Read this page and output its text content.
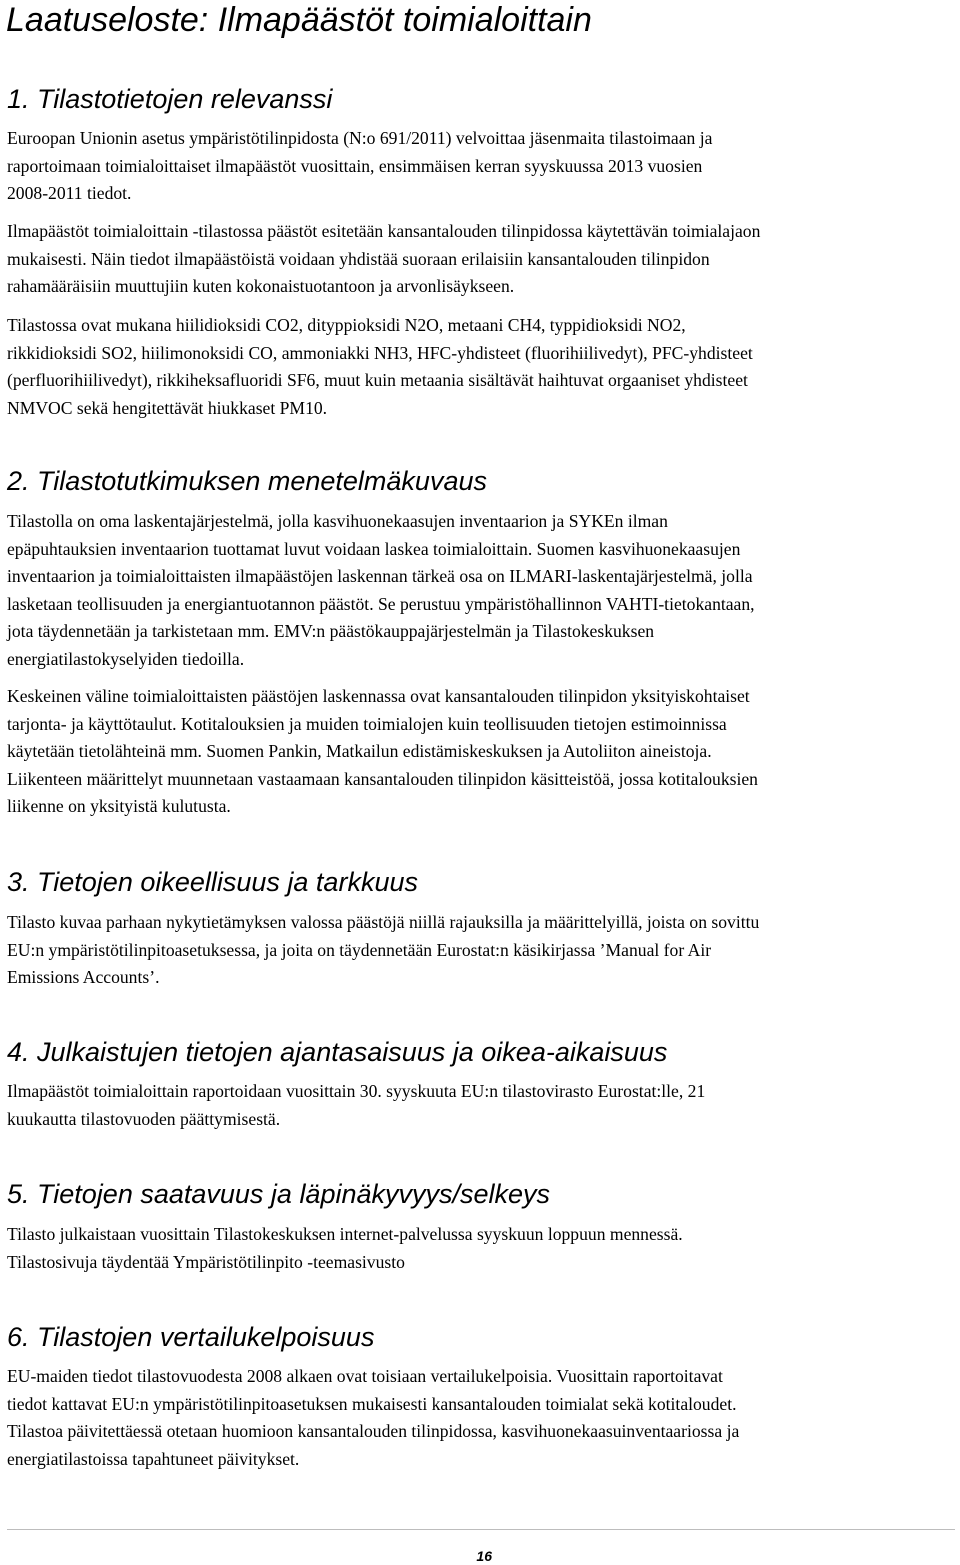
Laatuseloste: Ilmapäästöt toimialoittain
1. Tilastotietojen relevanssi

Euroopan Unionin asetus ympäristötilinpidosta (N:o 691/2011) velvoittaa jäsenmaita tilastoimaan ja
raportoimaan toimialoittaiset ilmapäästöt vuosittain, ensimmäisen kerran syyskuussa 2013 vuosien
2008-2011 tiedot.

Ilmapäästöt toimialoittain -tilastossa päästöt esitetään kansantalouden tilinpidossa käytettävän toimialajaon
mukaisesti. Näin tiedot ilmapäästöistä voidaan yhdistää suoraan erilaisiin kansantalouden tilinpidon
rahamääräisiin muuttujiin kuten kokonaistuotantoon ja arvonlisäykseen.

Tilastossa ovat mukana hiilidioksidi CO2, dityppioksidi N2O, metaani CH4, typpidioksidi NO2,
rikkidioksidi SO2, hiilimonoksidi CO, ammoniakki NH3, HFC-yhdisteet (fluorihiilivedyt), PFC-yhdisteet
(perfluorihiilivedyt), rikkiheksafluoridi SF6, muut kuin metaania sisältävät haihtuvat orgaaniset yhdisteet
NMVOC sekä hengitettävät hiukkaset PM10.

2. Tilastotutkimuksen menetelmäkuvaus

Tilastolla on oma laskentajärjestelmä, jolla kasvihuonekaasujen inventaarion ja SYKEn ilman
epäpuhtauksien inventaarion tuottamat luvut voidaan laskea toimialoittain. Suomen kasvihuonekaasujen
inventaarion ja toimialoittaisten ilmapäästöjen laskennan tärkeä osa on ILMARI-laskentajärjestelmä, jolla
lasketaan teollisuuden ja energiantuotannon päästöt. Se perustuu ympäristöhallinnon VAHTI-tietokantaan,
jota täydennetään ja tarkistetaan mm. EMV:n päästökauppajärjestelmän ja Tilastokeskuksen
energiatilastokyselyiden tiedoilla.

Keskeinen väline toimialoittaisten päästöjen laskennassa ovat kansantalouden tilinpidon yksityiskohtaiset
tarjonta- ja käyttötaulut. Kotitalouksien ja muiden toimialojen kuin teollisuuden tietojen estimoinnissa
käytetään tietolähteinä mm. Suomen Pankin, Matkailun edistämiskeskuksen ja Autoliiton aineistoja.
Liikenteen määrittelyt muunnetaan vastaamaan kansantalouden tilinpidon käsitteistöä, jossa kotitalouksien
liikenne on yksityistä kulutusta.

3. Tietojen oikeellisuus ja tarkkuus

Tilasto kuvaa parhaan nykytietämyksen valossa päästöjä niillä rajauksilla ja määrittelyillä, joista on sovittu
EU:n ympäristötilinpitoasetuksessa, ja joita on täydennetään Eurostat:n käsikirjassa ’Manual for Air
Emissions Accounts’.

4. Julkaistujen tietojen ajantasaisuus ja oikea-aikaisuus

Ilmapäästöt toimialoittain raportoidaan vuosittain 30. syyskuuta EU:n tilastovirasto Eurostat:lle, 21
kuukautta tilastovuoden päättymisestä.

5. Tietojen saatavuus ja läpinäkyvyys/selkeys

Tilasto julkaistaan vuosittain Tilastokeskuksen internet-palvelussa syyskuun loppuun mennessä.
Tilastosivuja täydentää Ympäristötilinpito -teemasivusto

6. Tilastojen vertailukelpoisuus

EU-maiden tiedot tilastovuodesta 2008 alkaen ovat toisiaan vertailukelpoisia. Vuosittain raportoitavat
tiedot kattavat EU:n ympäristötilinpitoasetuksen mukaisesti kansantalouden toimialat sekä kotitaloudet.
Tilastoa päivitettäessä otetaan huomioon kansantalouden tilinpidossa, kasvihuonekaasuinventaariossa ja
energiatilastoissa tapahtuneet päivitykset.

16
